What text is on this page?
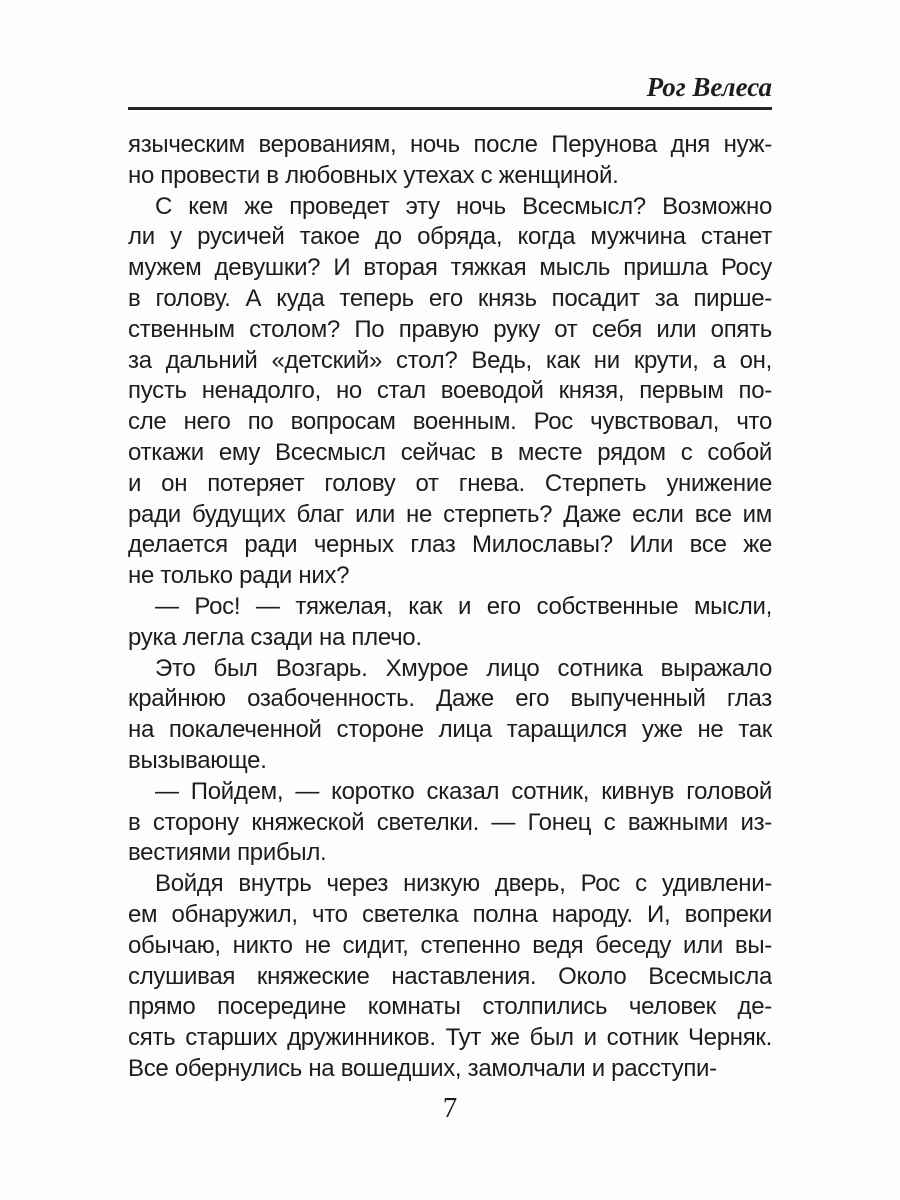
Рог Велеса
языческим верованиям, ночь после Перунова дня нуж-
но провести в любовных утехах с женщиной.
С кем же проведет эту ночь Всесмысл? Возможно
ли у русичей такое до обряда, когда мужчина станет
мужем девушки? И вторая тяжкая мысль пришла Росу
в голову. А куда теперь его князь посадит за пирше-
ственным столом? По правую руку от себя или опять
за дальний «детский» стол? Ведь, как ни крути, а он,
пусть ненадолго, но стал воеводой князя, первым по-
сле него по вопросам военным. Рос чувствовал, что
откажи ему Всесмысл сейчас в месте рядом с собой
и он потеряет голову от гнева. Стерпеть унижение
ради будущих благ или не стерпеть? Даже если все им
делается ради черных глаз Милославы? Или все же
не только ради них?
— Рос! — тяжелая, как и его собственные мысли,
рука легла сзади на плечо.
Это был Возгарь. Хмурое лицо сотника выражало
крайнюю озабоченность. Даже его выпученный глаз
на покалеченной стороне лица таращился уже не так
вызывающе.
— Пойдем, — коротко сказал сотник, кивнув головой
в сторону княжеской светелки. — Гонец с важными из-
вестиями прибыл.
Войдя внутрь через низкую дверь, Рос с удивлени-
ем обнаружил, что светелка полна народу. И, вопреки
обычаю, никто не сидит, степенно ведя беседу или вы-
слушивая княжеские наставления. Около Всесмысла
прямо посередине комнаты столпились человек де-
сять старших дружинников. Тут же был и сотник Черняк.
Все обернулись на вошедших, замолчали и расступи-
7
